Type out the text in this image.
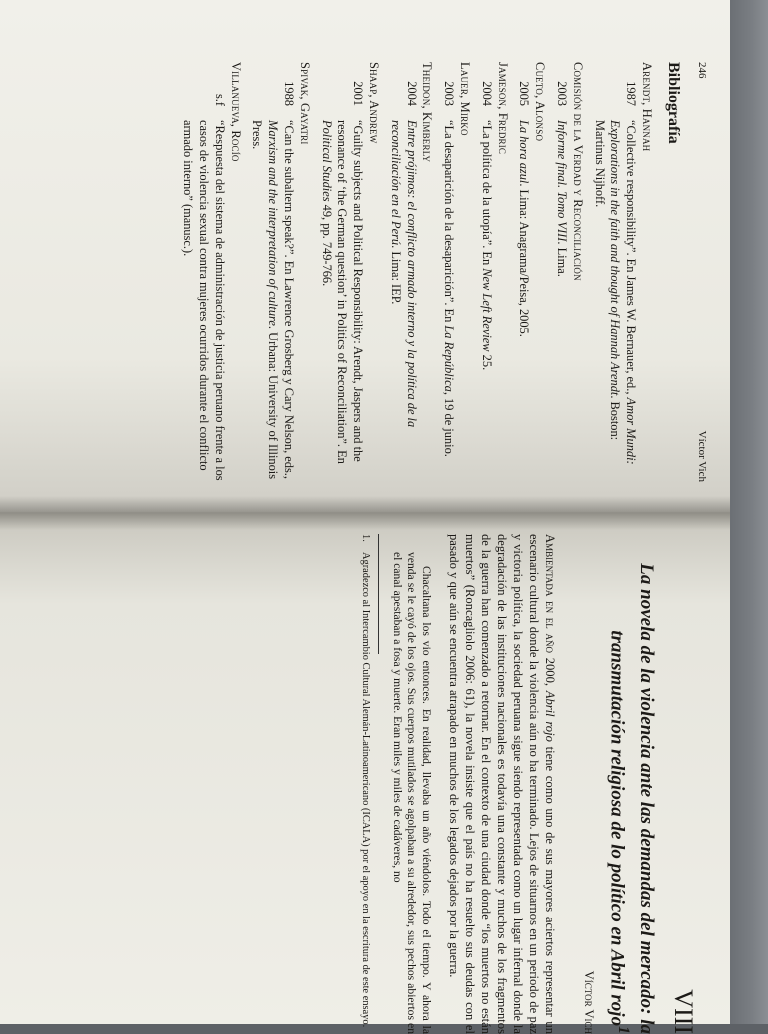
246
Víctor Vich
Bibliografía
Arendt, Hannah
1987
“Collective responsibility”. En James W. Bernauer, ed., Amor Mundi: Explorations in the faith and thought of Hannah Arendt. Boston: Martinus Nijhoff.
Comisión de la Verdad y Reconciliación
2003
Informe final. Tomo VIII. Lima.
Cueto, Alonso
2005
La hora azul. Lima: Anagrama/Peisa, 2005.
Jameson, Fredric
2004
“La política de la utopía”. En New Left Review 25.
Lauer, Mirko
2003
“La desaparición de la desaparición”. En La República, 19 de junio.
Theidon, Kimberly
2004
Entre prójimos: el conflicto armado interno y la política de la reconciliación en el Perú. Lima: IEP.
Shaap, Andrew
2001
“Guilty subjects and Political Responsibility: Arendt, Jaspers and the resonance of ‘the German question’ in Politics of Reconciliation”. En Political Studies 49, pp. 749-766.
Spivak, Gayatri
1988
“Can the subaltern speak?”. En Lawrence Grosberg y Cary Nelson, eds., Marxism and the interpretation of culture. Urbana: University of Illinois Press.
Villanueva, Rocío
s.f
“Respuesta del sistema de administración de justicia peruano frente a los casos de violencia sexual contra mujeres ocurridos durante el conflicto armado interno” (manusc.).
VIII
La novela de la violencia ante las demandas del mercado: la transmutación religiosa de lo político en Abril rojo$^1$
Víctor Vich

Ambientada en el año 2000, Abril rojo tiene como uno de sus mayores aciertos representar un escenario cultural donde la violencia aún no ha terminado. Lejos de situarnos en un periodo de paz y victoria política, la sociedad peruana sigue siendo representada como un lugar infernal donde la degradación de las instituciones nacionales es todavía una constante y muchos de los fragmentos de la guerra han comenzado a retornar. En el contexto de una ciudad donde “los muertos no están muertos” (Roncagliolo 2006: 61), la novela insiste que el país no ha resuelto sus deudas con el pasado y que aún se encuentra atrapado en muchos de los legados dejados por la guerra.

Chacaltana los vio entonces. En realidad, llevaba un año viéndolos. Todo el tiempo. Y ahora la venda se le cayó de los ojos. Sus cuerpos mutilados se agolpaban a su alrededor, sus pechos abiertos en el canal apestaban a fosa y muerte. Eran miles y miles de cadáveres, no

1.
Agradezco al Intercambio Cultural Alemán-Latinoamericano (ICALA) por el apoyo en la escritura de este ensayo.
